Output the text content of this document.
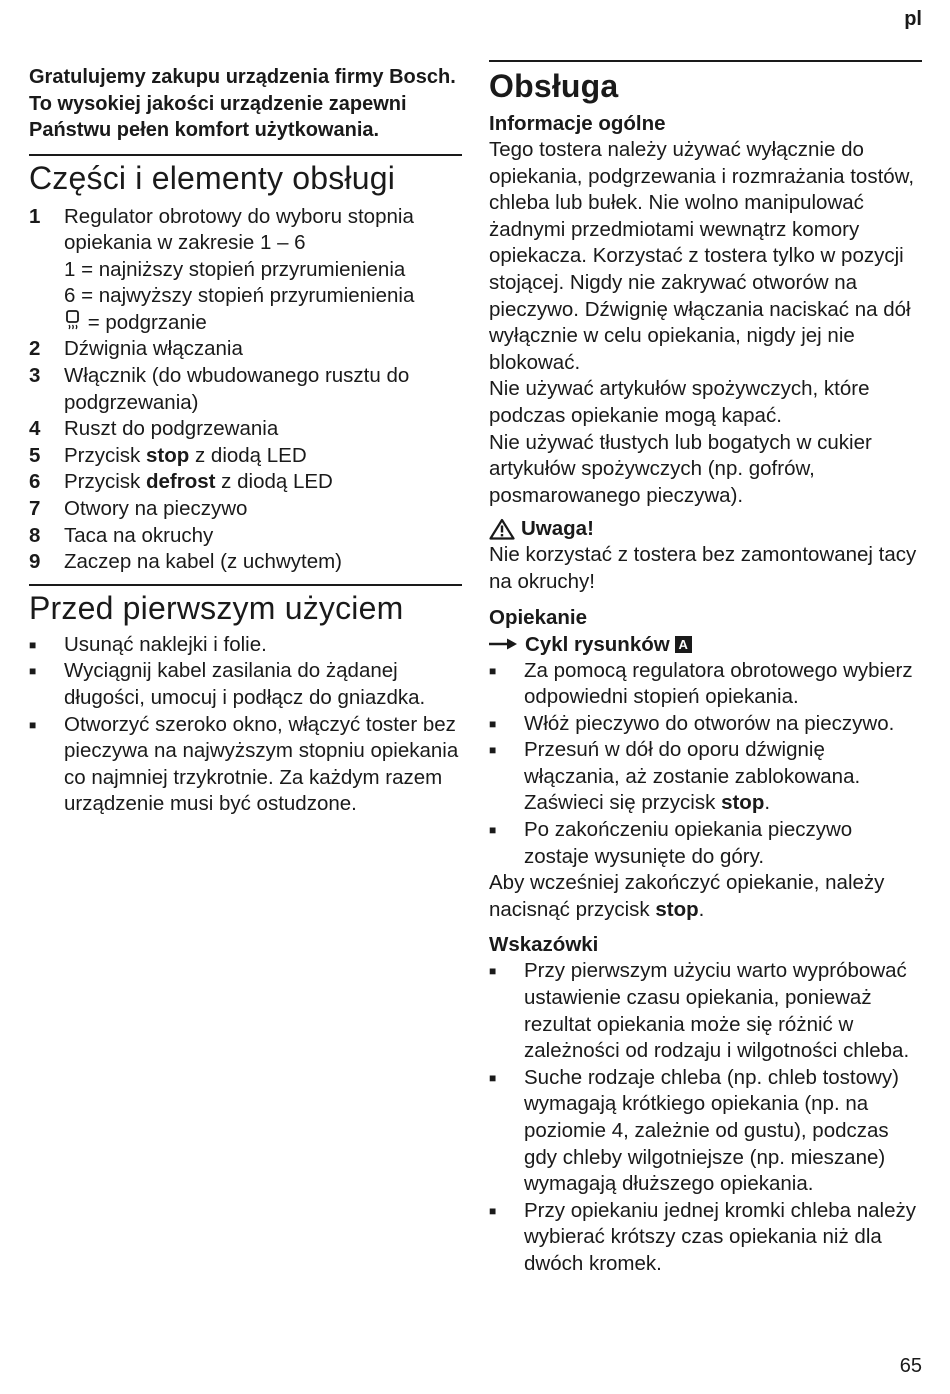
pl

Gratulujemy zakupu urządzenia firmy Bosch. To wysokiej jakości urządzenie zapewni Państwu pełen komfort użytkowania.

Części i elementy obsługi
1	Regulator obrotowy do wyboru stopnia opiekania w zakresie 1 – 6
1 = najniższy stopień przyrumienienia
6 = najwyższy stopień przyrumienienia
= podgrzanie
2	Dźwignia włączania
3	Włącznik (do wbudowanego rusztu do podgrzewania)
4	Ruszt do podgrzewania
5	Przycisk stop z diodą LED
6	Przycisk defrost z diodą LED
7	Otwory na pieczywo
8	Taca na okruchy
9	Zaczep na kabel (z uchwytem)
Przed pierwszym użyciem
■	Usunąć naklejki i folie.
■	Wyciągnij kabel zasilania do żądanej długości, umocuj i podłącz do gniazdka.
■	Otworzyć szeroko okno, włączyć toster bez pieczywa na najwyższym stopniu opiekania co najmniej trzykrotnie. Za każdym razem urządzenie musi być ostudzone.
Obsługa
Informacje ogólne

Tego tostera należy używać wyłącznie do opiekania, podgrzewania i rozmrażania tostów, chleba lub bułek. Nie wolno manipulować żadnymi przedmiotami wewnątrz komory opiekacza. Korzystać z tostera tylko w pozycji stojącej. Nigdy nie zakrywać otworów na pieczywo. Dźwignię włączania naciskać na dół wyłącznie w celu opiekania, nigdy jej nie blokować.

Nie używać artykułów spożywczych, które podczas opiekanie mogą kapać.

Nie używać tłustych lub bogatych w cukier artykułów spożywczych (np. gofrów, posmarowanego pieczywa).

Uwaga!

Nie korzystać z tostera bez zamontowanej tacy na okruchy!

Opiekanie
Cykl rysunków A
■	Za pomocą regulatora obrotowego wybierz odpowiedni stopień opiekania.
■	Włóż pieczywo do otworów na pieczywo.
■	Przesuń w dół do oporu dźwignię włączania, aż zostanie zablokowana. Zaświeci się przycisk stop.
■	Po zakończeniu opiekania pieczywo zostaje wysunięte do góry.

Aby wcześniej zakończyć opiekanie, należy nacisnąć przycisk stop.

Wskazówki
■	Przy pierwszym użyciu warto wypróbować ustawienie czasu opiekania, ponieważ rezultat opiekania może się różnić w zależności od rodzaju i wilgotności chleba.
■	Suche rodzaje chleba (np. chleb tostowy) wymagają krótkiego opiekania (np. na poziomie 4, zależnie od gustu), podczas gdy chleby wilgotniejsze (np. mieszane) wymagają dłuższego opiekania.
■	Przy opiekaniu jednej kromki chleba należy wybierać krótszy czas opiekania niż dla dwóch kromek.
65
